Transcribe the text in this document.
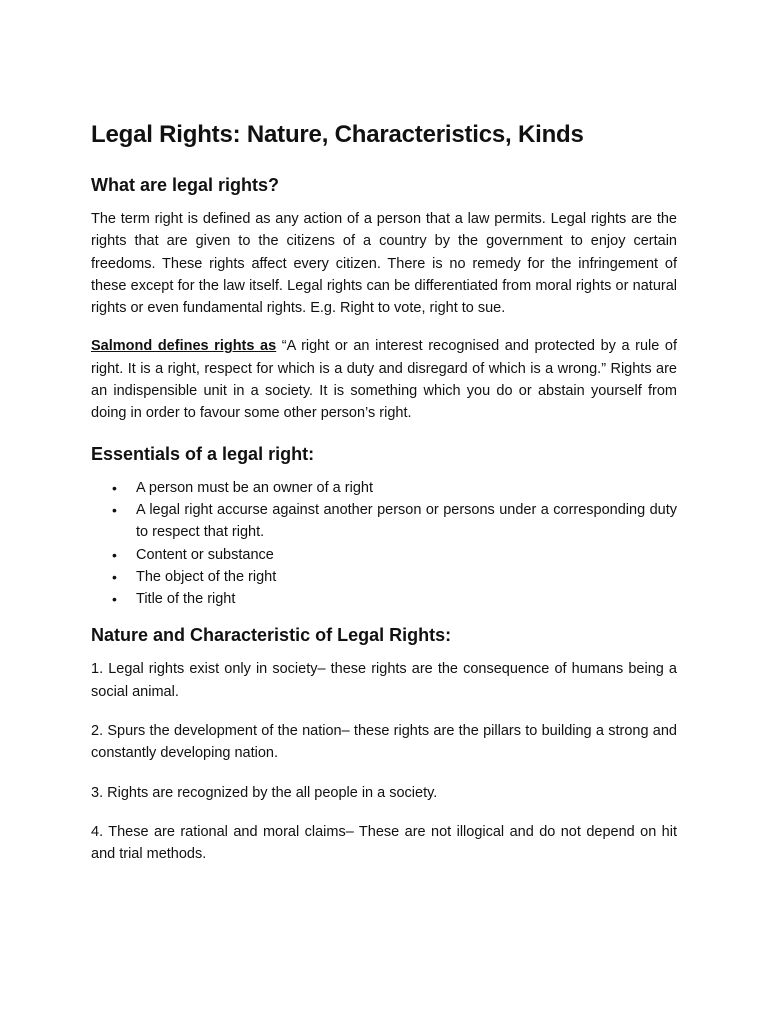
Legal Rights: Nature, Characteristics, Kinds
What are legal rights?

The term right is defined as any action of a person that a law permits. Legal rights are the rights that are given to the citizens of a country by the government to enjoy certain freedoms. These rights affect every citizen. There is no remedy for the infringement of these except for the law itself. Legal rights can be differentiated from moral rights or natural rights or even fundamental rights. E.g. Right to vote, right to sue.

Salmond defines rights as “A right or an interest recognised and protected by a rule of right. It is a right, respect for which is a duty and disregard of which is a wrong.” Rights are an indispensible unit in a society. It is something which you do or abstain yourself from doing in order to favour some other person’s right.

Essentials of a legal right:
• A person must be an owner of a right
• A legal right accurse against another person or persons under a corresponding duty to respect that right.
• Content or substance
• The object of the right
• Title of the right
Nature and Characteristic of Legal Rights:

1. Legal rights exist only in society– these rights are the consequence of humans being a social animal.

2. Spurs the development of the nation– these rights are the pillars to building a strong and constantly developing nation.

3. Rights are recognized by the all people in a society.

4. These are rational and moral claims– These are not illogical and do not depend on hit and trial methods.
